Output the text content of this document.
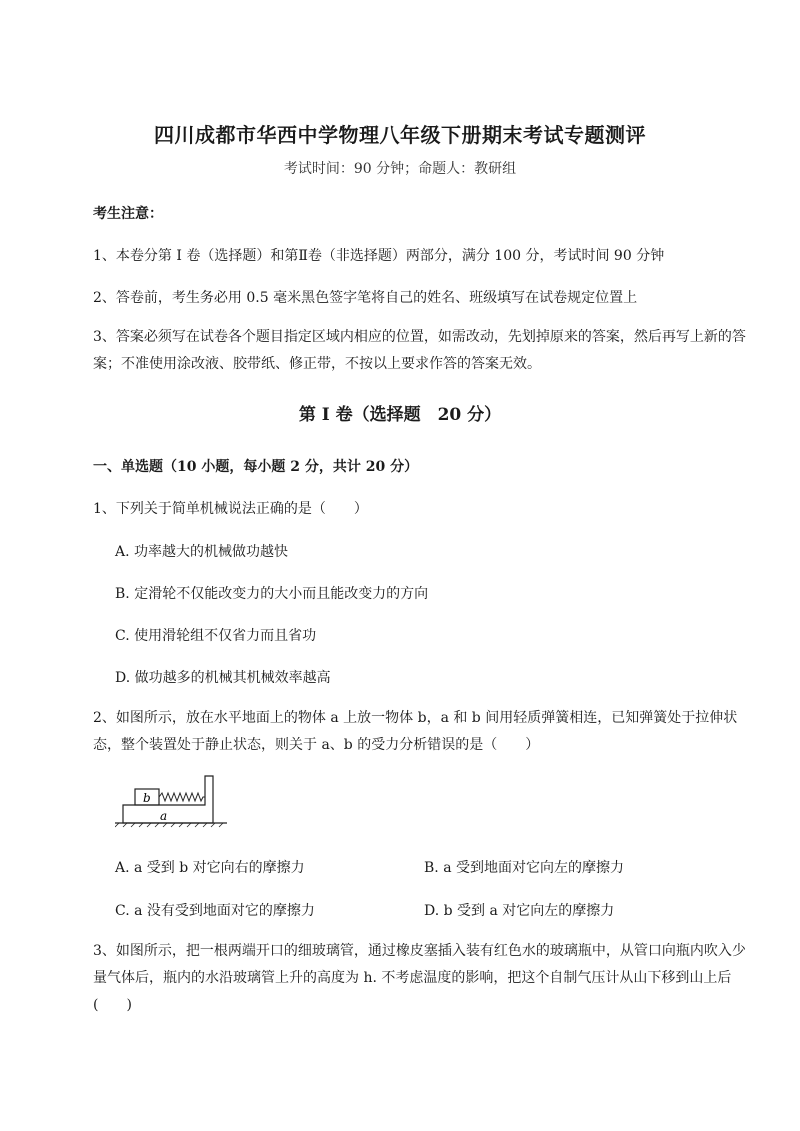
四川成都市华西中学物理八年级下册期末考试专题测评
考试时间：90 分钟；命题人：教研组
考生注意：
1、本卷分第 I 卷（选择题）和第Ⅱ卷（非选择题）两部分，满分 100 分，考试时间 90 分钟
2、答卷前，考生务必用 0.5 毫米黑色签字笔将自己的姓名、班级填写在试卷规定位置上
3、答案必须写在试卷各个题目指定区域内相应的位置，如需改动，先划掉原来的答案，然后再写上新的答案；不准使用涂改液、胶带纸、修正带，不按以上要求作答的答案无效。
第 I 卷（选择题　20 分）
一、单选题（10 小题，每小题 2 分，共计 20 分）
1、下列关于简单机械说法正确的是（　　）
A. 功率越大的机械做功越快
B. 定滑轮不仅能改变力的大小而且能改变力的方向
C. 使用滑轮组不仅省力而且省功
D. 做功越多的机械其机械效率越高
2、如图所示，放在水平地面上的物体 a 上放一物体 b，a 和 b 间用轻质弹簧相连，已知弹簧处于拉伸状态，整个装置处于静止状态，则关于 a、b 的受力分析错误的是（　　）
b
a
A. a 受到 b 对它向右的摩擦力	B. a 受到地面对它向左的摩擦力
C. a 没有受到地面对它的摩擦力	D. b 受到 a 对它向左的摩擦力
3、如图所示，把一根两端开口的细玻璃管，通过橡皮塞插入装有红色水的玻璃瓶中，从管口向瓶内吹入少量气体后，瓶内的水沿玻璃管上升的高度为 h. 不考虑温度的影响，把这个自制气压计从山下移到山上后(　　)
